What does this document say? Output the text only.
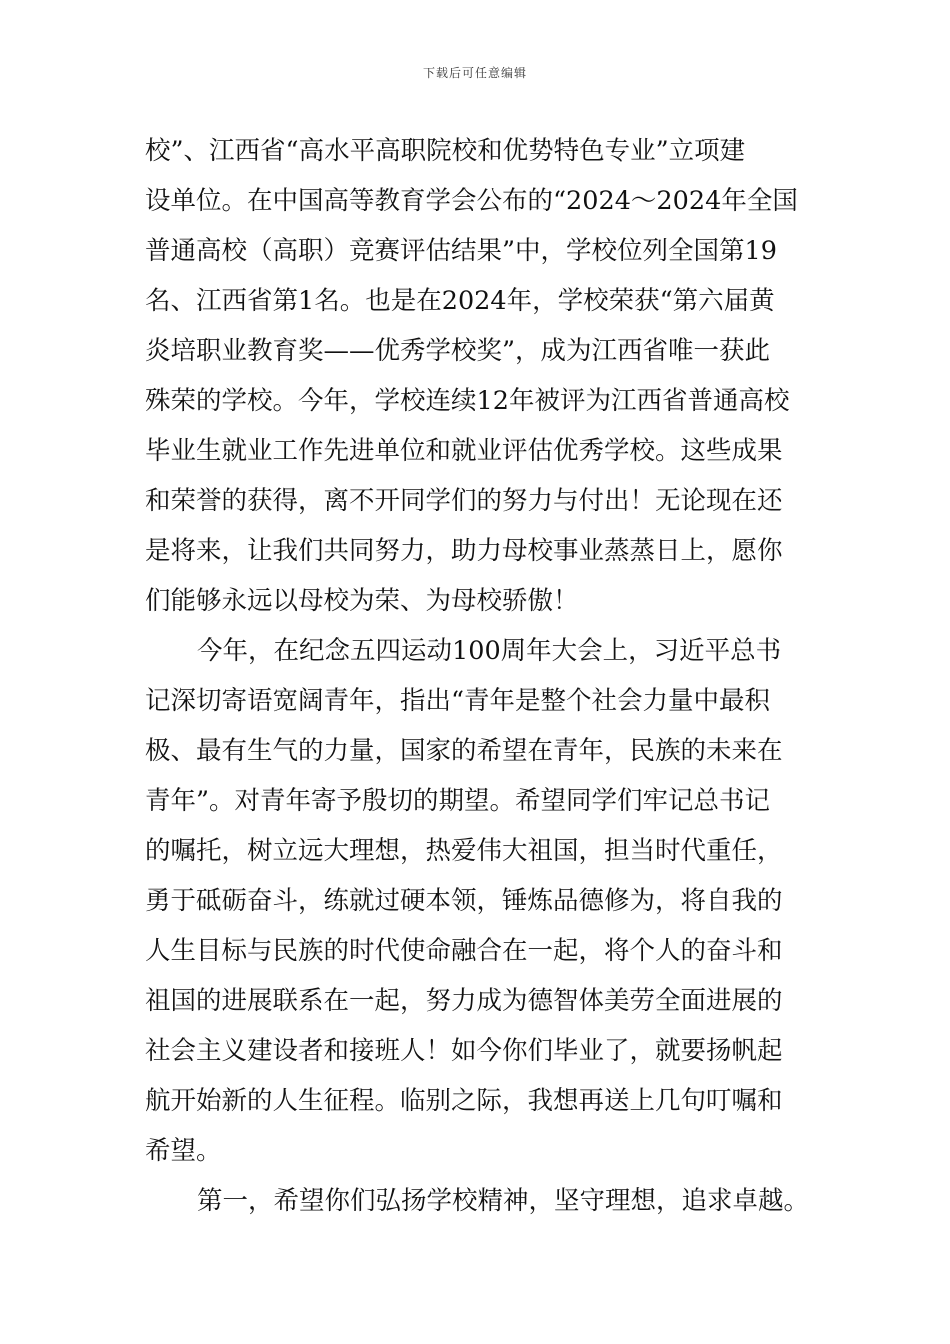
下载后可任意编辑
校”、江西省“高水平高职院校和优势特色专业”立项建
设单位。在中国高等教育学会公布的“2024～2024年全国
普通高校（高职）竞赛评估结果”中，学校位列全国第19
名、江西省第1名。也是在2024年，学校荣获“第六届黄
炎培职业教育奖——优秀学校奖”，成为江西省唯一获此
殊荣的学校。今年，学校连续12年被评为江西省普通高校
毕业生就业工作先进单位和就业评估优秀学校。这些成果
和荣誉的获得，离不开同学们的努力与付出！无论现在还
是将来，让我们共同努力，助力母校事业蒸蒸日上，愿你
们能够永远以母校为荣、为母校骄傲！
今年，在纪念五四运动100周年大会上，习近平总书
记深切寄语宽阔青年，指出“青年是整个社会力量中最积
极、最有生气的力量，国家的希望在青年，民族的未来在
青年”。对青年寄予殷切的期望。希望同学们牢记总书记
的嘱托，树立远大理想，热爱伟大祖国，担当时代重任，
勇于砥砺奋斗，练就过硬本领，锤炼品德修为，将自我的
人生目标与民族的时代使命融合在一起，将个人的奋斗和
祖国的进展联系在一起，努力成为德智体美劳全面进展的
社会主义建设者和接班人！如今你们毕业了，就要扬帆起
航开始新的人生征程。临别之际，我想再送上几句叮嘱和
希望。
第一，希望你们弘扬学校精神，坚守理想，追求卓越。
